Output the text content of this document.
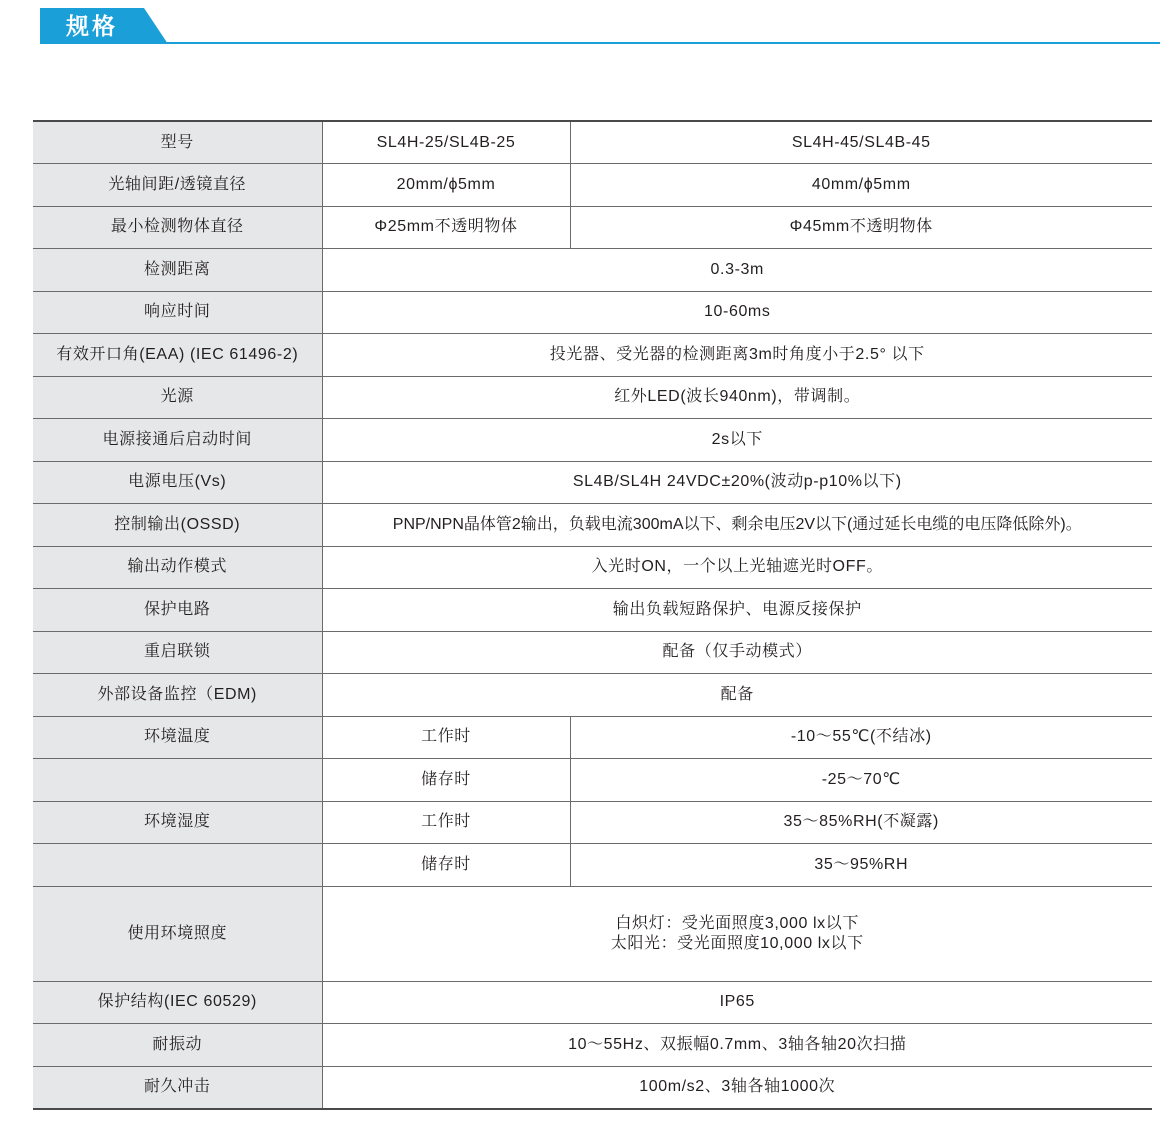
规格
型号	SL4H-25/SL4B-25	SL4H-45/SL4B-45
光轴间距/透镜直径	20mm/ϕ5mm	40mm/ϕ5mm
最小检测物体直径	Φ25mm不透明物体	Φ45mm不透明物体
检测距离	0.3-3m	
响应时间	10-60ms	
有效开口角(EAA) (IEC 61496-2)	投光器、受光器的检测距离3m时角度小于2.5° 以下	
光源	红外LED(波长940nm)，带调制。	
电源接通后启动时间	2s以下	
电源电压(Vs)	SL4B/SL4H 24VDC±20%(波动p-p10%以下)	
控制输出(OSSD)	PNP/NPN晶体管2输出，负载电流300mA以下、剩余电压2V以下(通过延长电缆的电压降低除外)。	
输出动作模式	入光时ON，一个以上光轴遮光时OFF。	
保护电路	输出负载短路保护、电源反接保护	
重启联锁	配备（仅手动模式）	
外部设备监控（EDM)	配备	
环境温度	工作时	-10～55℃(不结冰)
	储存时	-25～70℃
环境湿度	工作时	35～85%RH(不凝露)
	储存时	35～95%RH
使用环境照度	白炽灯：受光面照度3,000 lx以下
太阳光：受光面照度10,000 lx以下	

保护结构(IEC 60529)	IP65	
耐振动	10～55Hz、双振幅0.7mm、3轴各轴20次扫描	
耐久冲击	100m/s2、3轴各轴1000次	
